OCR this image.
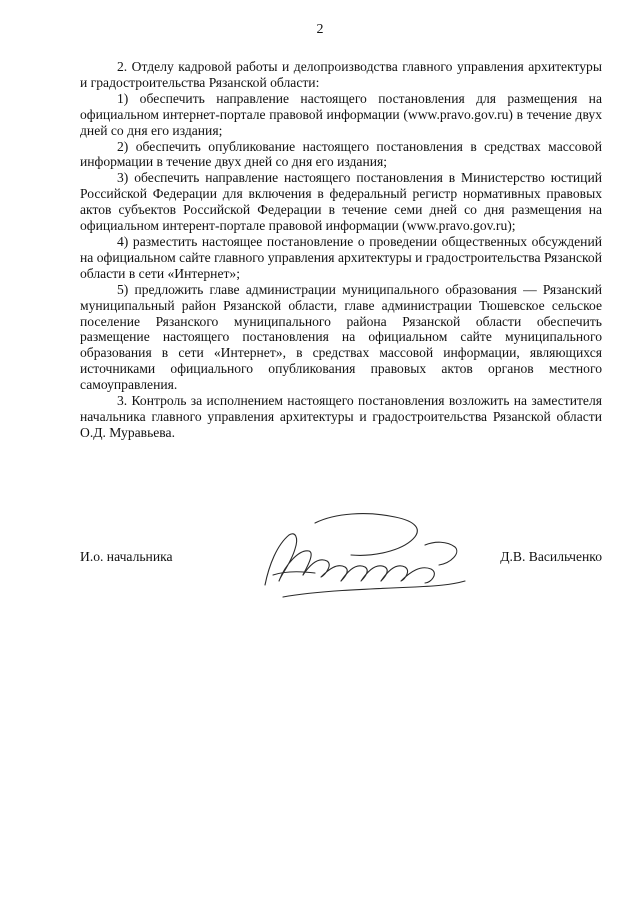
2

2. Отделу кадровой работы и делопроизводства главного управления архитектуры и градостроительства Рязанской области:

1) обеспечить направление настоящего постановления для размещения на официальном интернет-портале правовой информации (www.pravo.gov.ru) в течение двух дней со дня его издания;

2) обеспечить опубликование настоящего постановления в средствах массовой информации в течение двух дней со дня его издания;

3) обеспечить направление настоящего постановления в Министерство юстиций Российской Федерации для включения в федеральный регистр нормативных правовых актов субъектов Российской Федерации в течение семи дней со дня размещения на официальном интерент-портале правовой информации (www.pravo.gov.ru);

4) разместить настоящее постановление о проведении общественных обсуждений на официальном сайте главного управления архитектуры и градостроительства Рязанской области в сети «Интернет»;

5) предложить главе администрации муниципального образования — Рязанский муниципальный район Рязанской области, главе администрации Тюшевское сельское поселение Рязанского муниципального района Рязанской области обеспечить размещение настоящего постановления на официальном сайте муниципального образования в сети «Интернет», в средствах массовой информации, являющихся источниками официального опубликования правовых актов органов местного самоуправления.

3. Контроль за исполнением настоящего постановления возложить на заместителя начальника главного управления архитектуры и градостроительства Рязанской области О.Д. Муравьева.

И.о. начальника	Д.В. Васильченко
